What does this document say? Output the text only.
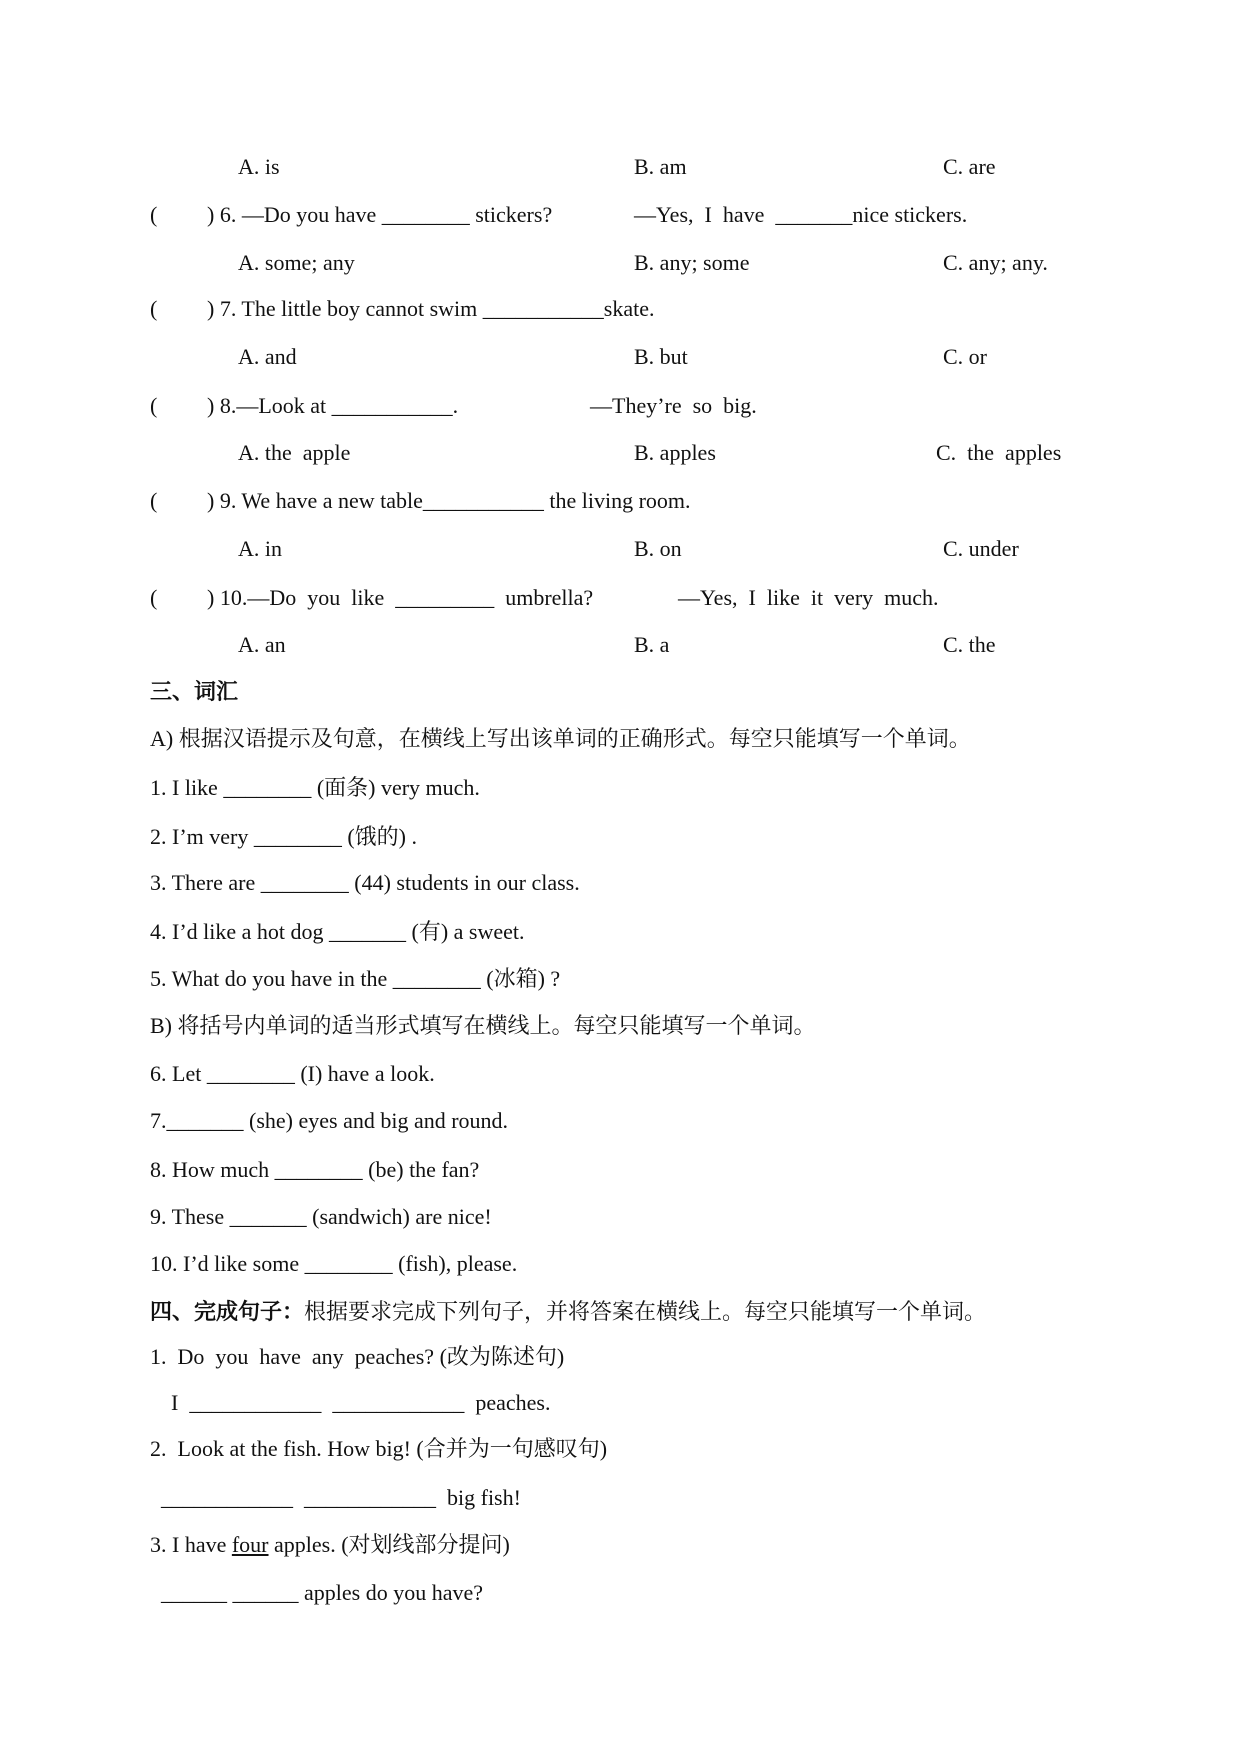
A. is	B. am	C. are
( ) 6. —Do you have ________ stickers?	—Yes,  I  have  _______nice stickers.
A. some; any	B. any; some	C. any; any.
( ) 7. The little boy cannot swim ___________skate.
A. and	B. but	C. or
( ) 8.—Look at ___________.	—They’re  so  big.
A. the  apple	B. apples	C.  the  apples
( ) 9. We have a new table___________ the living room.
A. in	B. on	C. under
( ) 10.—Do  you  like  _________  umbrella?	—Yes,  I  like  it  very  much.
A. an	B. a	C. the
三、词汇
A) 根据汉语提示及句意，在横线上写出该单词的正确形式。每空只能填写一个单词。
1. I like ________ (面条) very much.
2. I’m very ________ (饿的) .
3. There are ________ (44) students in our class.
4. I’d like a hot dog _______ (有) a sweet.
5. What do you have in the ________ (冰箱) ?
B) 将括号内单词的适当形式填写在横线上。每空只能填写一个单词。
6. Let ________ (I) have a look.
7._______ (she) eyes and big and round.
8. How much ________ (be) the fan?
9. These _______ (sandwich) are nice!
10. I’d like some ________ (fish), please.
四、完成句子：根据要求完成下列句子，并将答案在横线上。每空只能填写一个单词。
1.  Do  you  have  any  peaches? (改为陈述句)
I  ____________  ____________  peaches.
2.  Look at the fish. How big! (合并为一句感叹句)
____________  ____________  big fish!
3. I have four apples. (对划线部分提问)
______ ______ apples do you have?
